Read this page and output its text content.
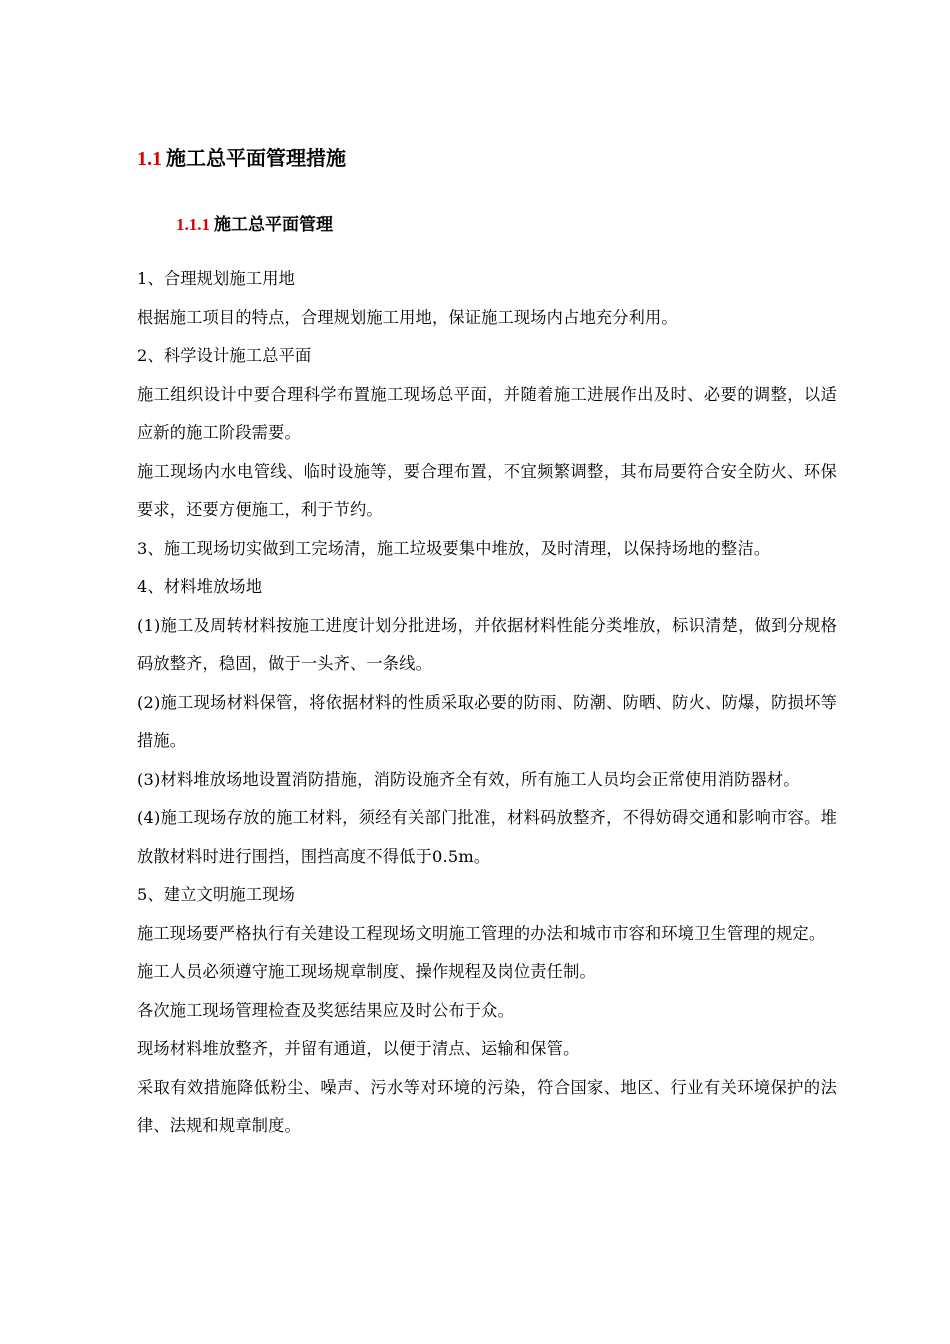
1.1 施工总平面管理措施
1.1.1 施工总平面管理

1、合理规划施工用地

根据施工项目的特点，合理规划施工用地，保证施工现场内占地充分利用。

2、科学设计施工总平面

施工组织设计中要合理科学布置施工现场总平面，并随着施工进展作出及时、必要的调整，以适应新的施工阶段需要。

施工现场内水电管线、临时设施等，要合理布置，不宜频繁调整，其布局要符合安全防火、环保要求，还要方便施工，利于节约。

3、施工现场切实做到工完场清，施工垃圾要集中堆放，及时清理，以保持场地的整洁。

4、材料堆放场地

(1)施工及周转材料按施工进度计划分批进场，并依据材料性能分类堆放，标识清楚，做到分规格码放整齐，稳固，做于一头齐、一条线。

(2)施工现场材料保管，将依据材料的性质采取必要的防雨、防潮、防晒、防火、防爆，防损坏等措施。

(3)材料堆放场地设置消防措施，消防设施齐全有效，所有施工人员均会正常使用消防器材。

(4)施工现场存放的施工材料，须经有关部门批准，材料码放整齐，不得妨碍交通和影响市容。堆放散材料时进行围挡，围挡高度不得低于0.5m。

5、建立文明施工现场

施工现场要严格执行有关建设工程现场文明施工管理的办法和城市市容和环境卫生管理的规定。

施工人员必须遵守施工现场规章制度、操作规程及岗位责任制。

各次施工现场管理检查及奖惩结果应及时公布于众。

现场材料堆放整齐，并留有通道，以便于清点、运输和保管。

采取有效措施降低粉尘、噪声、污水等对环境的污染，符合国家、地区、行业有关环境保护的法律、法规和规章制度。
